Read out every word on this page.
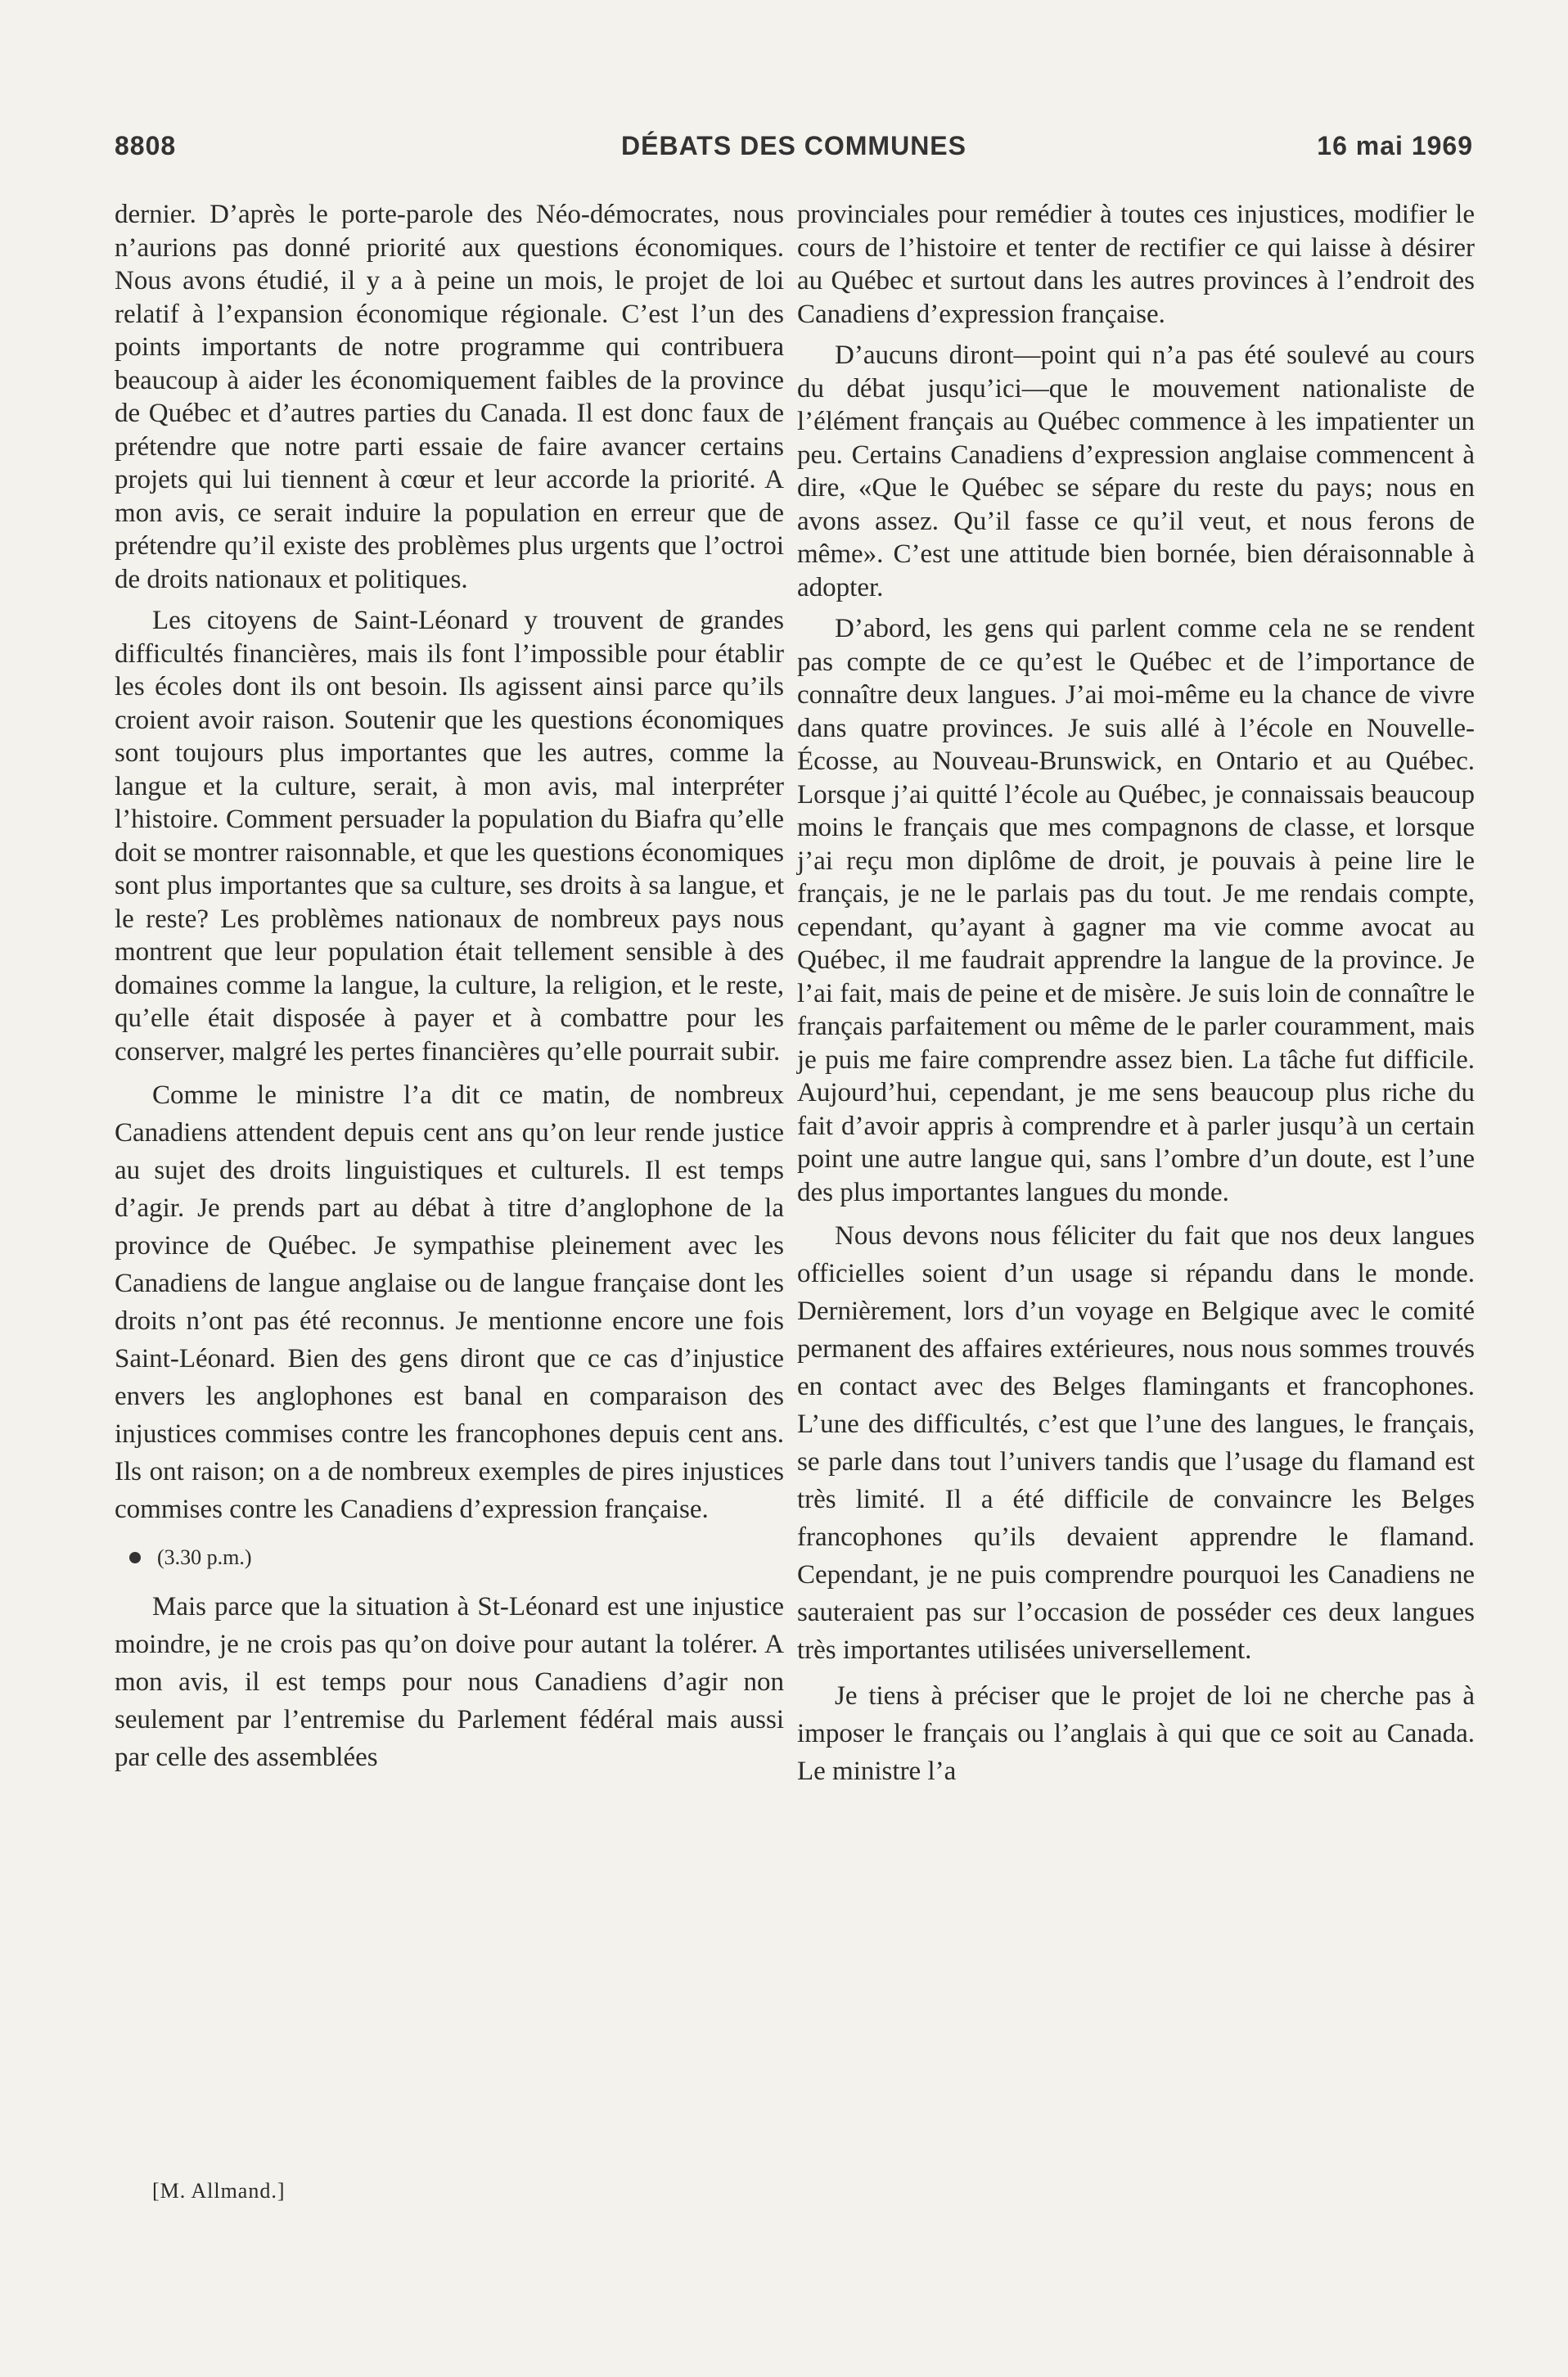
8808	DÉBATS DES COMMUNES	16 mai 1969

dernier. D’après le porte-parole des Néo-démocrates, nous n’aurions pas donné priorité aux questions économiques. Nous avons étudié, il y a à peine un mois, le projet de loi relatif à l’expansion économique régionale. C’est l’un des points importants de notre programme qui contribuera beaucoup à aider les économiquement faibles de la province de Québec et d’autres parties du Canada. Il est donc faux de prétendre que notre parti essaie de faire avancer certains projets qui lui tiennent à cœur et leur accorde la priorité. A mon avis, ce serait induire la population en erreur que de prétendre qu’il existe des problèmes plus urgents que l’octroi de droits nationaux et politiques.

Les citoyens de Saint-Léonard y trouvent de grandes difficultés financières, mais ils font l’impossible pour établir les écoles dont ils ont besoin. Ils agissent ainsi parce qu’ils croient avoir raison. Soutenir que les questions économiques sont toujours plus importantes que les autres, comme la langue et la culture, serait, à mon avis, mal interpréter l’histoire. Comment persuader la population du Biafra qu’elle doit se montrer raisonnable, et que les questions économiques sont plus importantes que sa culture, ses droits à sa langue, et le reste? Les problèmes nationaux de nombreux pays nous montrent que leur population était tellement sensible à des domaines comme la langue, la culture, la religion, et le reste, qu’elle était disposée à payer et à combattre pour les conserver, malgré les pertes financières qu’elle pourrait subir.

Comme le ministre l’a dit ce matin, de nombreux Canadiens attendent depuis cent ans qu’on leur rende justice au sujet des droits linguistiques et culturels. Il est temps d’agir. Je prends part au débat à titre d’anglophone de la province de Québec. Je sympathise pleinement avec les Canadiens de langue anglaise ou de langue française dont les droits n’ont pas été reconnus. Je mentionne encore une fois Saint-Léonard. Bien des gens diront que ce cas d’injustice envers les anglophones est banal en comparaison des injustices commises contre les francophones depuis cent ans. Ils ont raison; on a de nombreux exemples de pires injustices commises contre les Canadiens d’expression française.

(3.30 p.m.)

Mais parce que la situation à St-Léonard est une injustice moindre, je ne crois pas qu’on doive pour autant la tolérer. A mon avis, il est temps pour nous Canadiens d’agir non seulement par l’entremise du Parlement fédéral mais aussi par celle des assemblées

provinciales pour remédier à toutes ces injustices, modifier le cours de l’histoire et tenter de rectifier ce qui laisse à désirer au Québec et surtout dans les autres provinces à l’endroit des Canadiens d’expression française.

D’aucuns diront—point qui n’a pas été soulevé au cours du débat jusqu’ici—que le mouvement nationaliste de l’élément français au Québec commence à les impatienter un peu. Certains Canadiens d’expression anglaise commencent à dire, «Que le Québec se sépare du reste du pays; nous en avons assez. Qu’il fasse ce qu’il veut, et nous ferons de même». C’est une attitude bien bornée, bien déraisonnable à adopter.

D’abord, les gens qui parlent comme cela ne se rendent pas compte de ce qu’est le Québec et de l’importance de connaître deux langues. J’ai moi-même eu la chance de vivre dans quatre provinces. Je suis allé à l’école en Nouvelle-Écosse, au Nouveau-Brunswick, en Ontario et au Québec. Lorsque j’ai quitté l’école au Québec, je connaissais beaucoup moins le français que mes compagnons de classe, et lorsque j’ai reçu mon diplôme de droit, je pouvais à peine lire le français, je ne le parlais pas du tout. Je me rendais compte, cependant, qu’ayant à gagner ma vie comme avocat au Québec, il me faudrait apprendre la langue de la province. Je l’ai fait, mais de peine et de misère. Je suis loin de connaître le français parfaitement ou même de le parler couramment, mais je puis me faire comprendre assez bien. La tâche fut difficile. Aujourd’hui, cependant, je me sens beaucoup plus riche du fait d’avoir appris à comprendre et à parler jusqu’à un certain point une autre langue qui, sans l’ombre d’un doute, est l’une des plus importantes langues du monde.

Nous devons nous féliciter du fait que nos deux langues officielles soient d’un usage si répandu dans le monde. Dernièrement, lors d’un voyage en Belgique avec le comité permanent des affaires extérieures, nous nous sommes trouvés en contact avec des Belges flamingants et francophones. L’une des difficultés, c’est que l’une des langues, le français, se parle dans tout l’univers tandis que l’usage du flamand est très limité. Il a été difficile de convaincre les Belges francophones qu’ils devaient apprendre le flamand. Cependant, je ne puis comprendre pourquoi les Canadiens ne sauteraient pas sur l’occasion de posséder ces deux langues très importantes utilisées universellement.

Je tiens à préciser que le projet de loi ne cherche pas à imposer le français ou l’anglais à qui que ce soit au Canada. Le ministre l’a

[M. Allmand.]
